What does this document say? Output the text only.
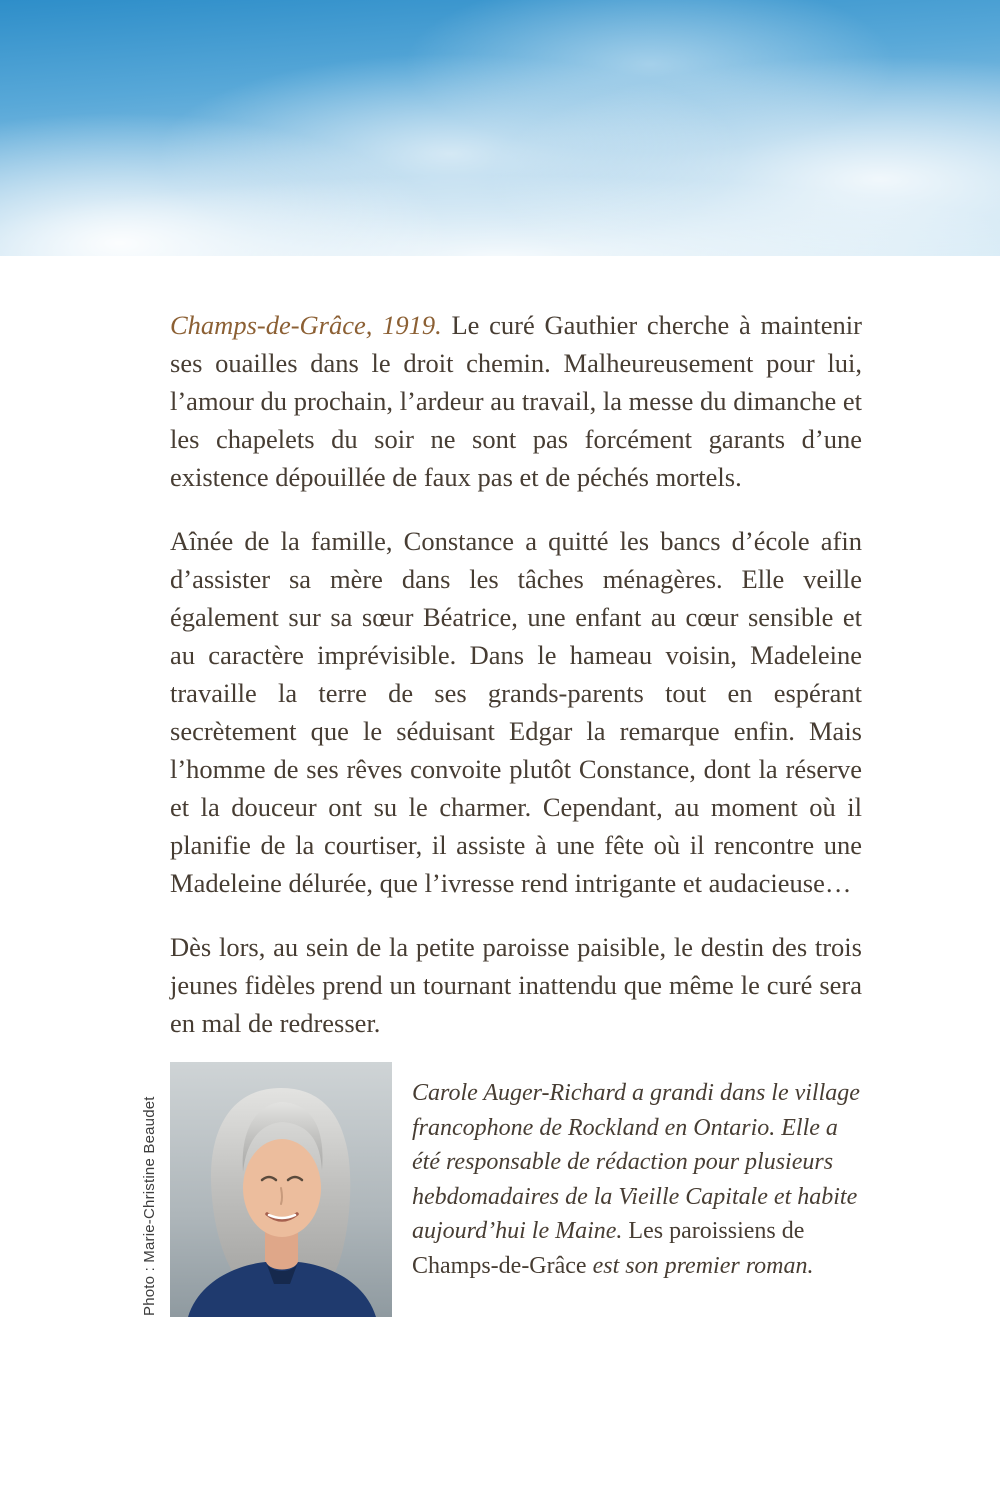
Champs-de-Grâce, 1919. Le curé Gauthier cherche à maintenir ses ouailles dans le droit chemin. Malheureusement pour lui, l’amour du prochain, l’ardeur au travail, la messe du dimanche et les chapelets du soir ne sont pas forcément garants d’une existence dépouillée de faux pas et de péchés mortels.

Aînée de la famille, Constance a quitté les bancs d’école afin d’assister sa mère dans les tâches ménagères. Elle veille également sur sa sœur Béatrice, une enfant au cœur sensible et au caractère imprévisible. Dans le hameau voisin, Madeleine travaille la terre de ses grands-parents tout en espérant secrètement que le séduisant Edgar la remarque enfin. Mais l’homme de ses rêves convoite plutôt Constance, dont la réserve et la douceur ont su le charmer. Cependant, au moment où il planifie de la courtiser, il assiste à une fête où il rencontre une Madeleine délurée, que l’ivresse rend intrigante et audacieuse…

Dès lors, au sein de la petite paroisse paisible, le destin des trois jeunes fidèles prend un tournant inattendu que même le curé sera en mal de redresser.

Photo : Marie-Christine Beaudet
Carole Auger-Richard a grandi dans le village francophone de Rockland en Ontario. Elle a été responsable de rédaction pour plusieurs hebdomadaires de la Vieille Capitale et habite aujourd’hui le Maine. Les paroissiens de Champs-de-Grâce est son premier roman.
